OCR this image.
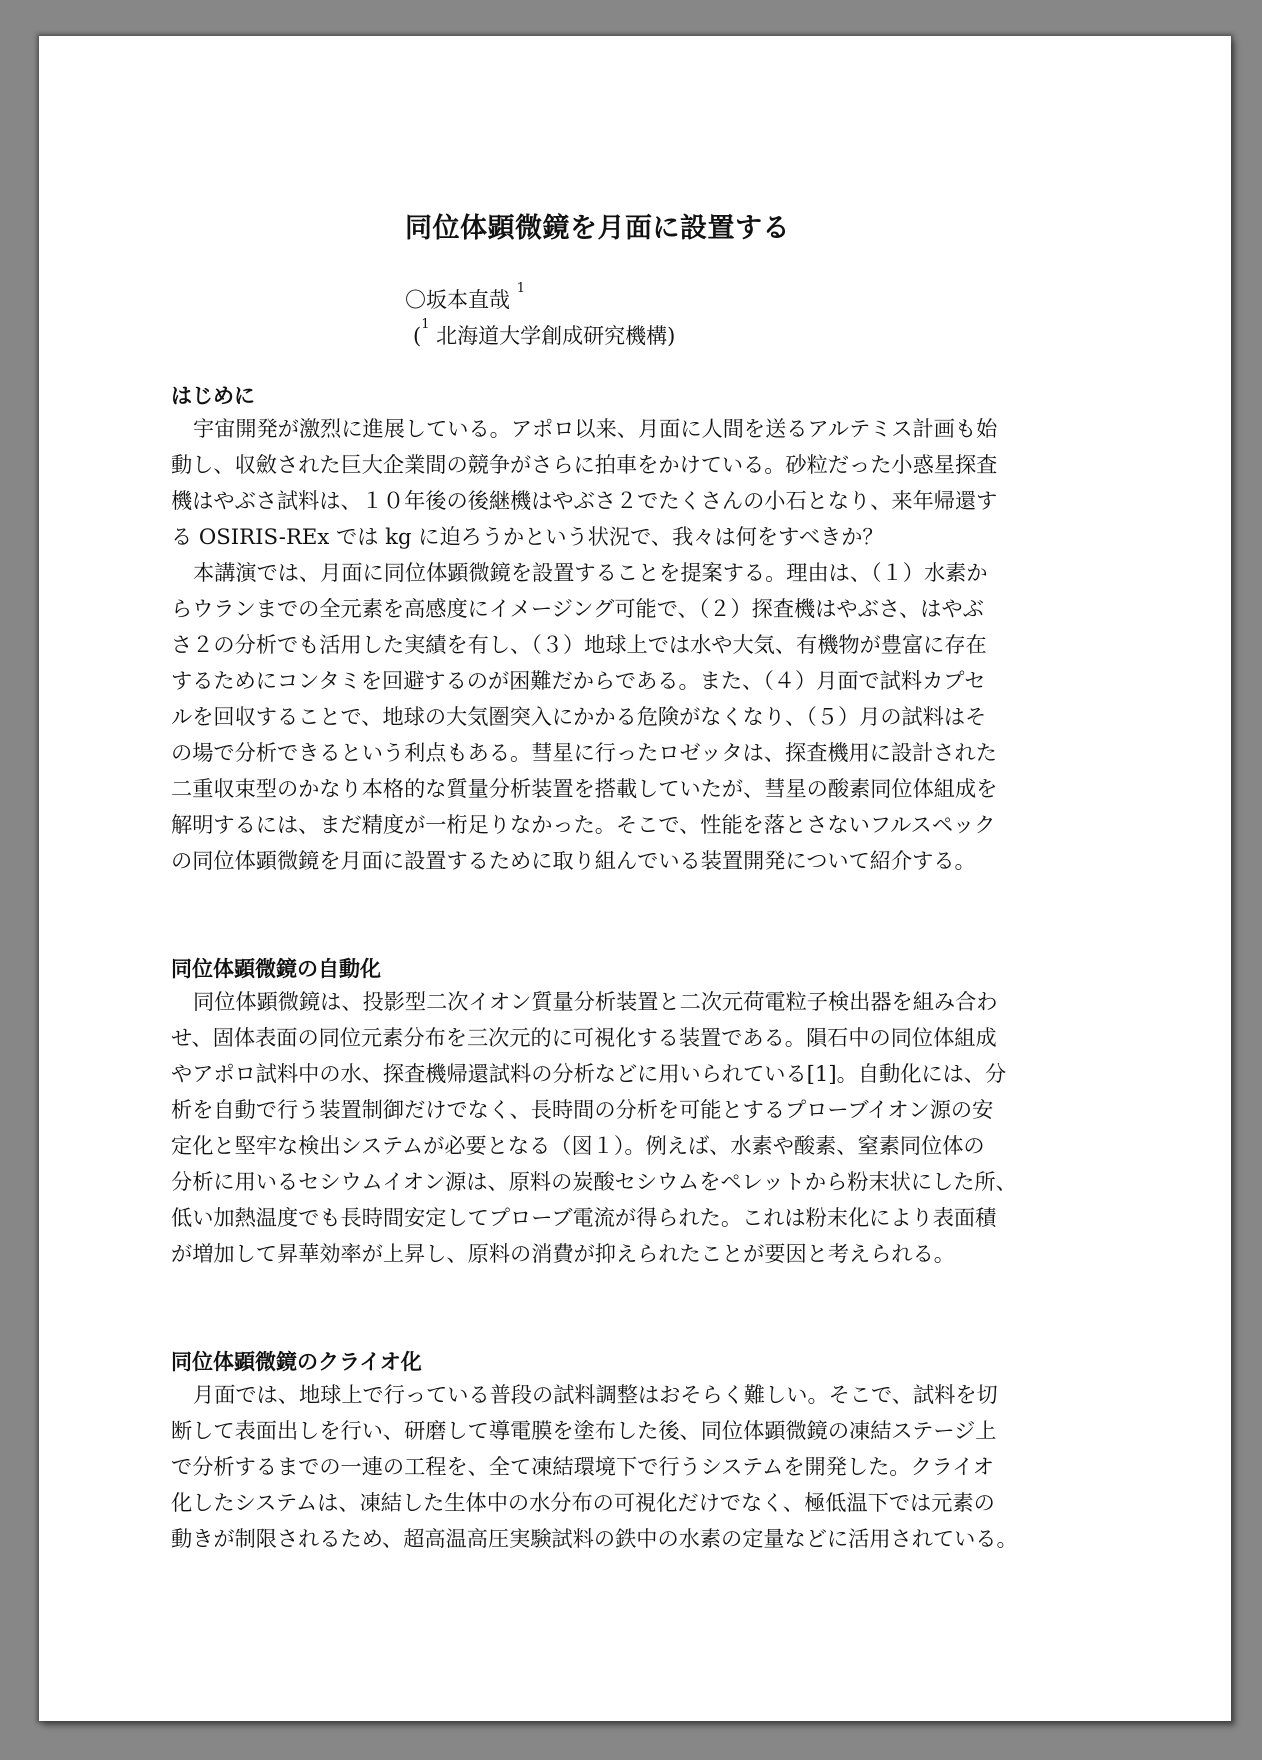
同位体顕微鏡を月面に設置する
〇坂本直哉 $^1$
($^1$ 北海道大学創成研究機構)
はじめに
宇宙開発が激烈に進展している。アポロ以来、月面に人間を送るアルテミス計画も始
動し、収斂された巨大企業間の競争がさらに拍車をかけている。砂粒だった小惑星探査
機はやぶさ試料は、１０年後の後継機はやぶさ２でたくさんの小石となり、来年帰還す
る OSIRIS-REx では kg に迫ろうかという状況で、我々は何をすべきか？
本講演では、月面に同位体顕微鏡を設置することを提案する。理由は、（１）水素か
らウランまでの全元素を高感度にイメージング可能で、（２）探査機はやぶさ、はやぶ
さ２の分析でも活用した実績を有し、（３）地球上では水や大気、有機物が豊富に存在
するためにコンタミを回避するのが困難だからである。また、（４）月面で試料カプセ
ルを回収することで、地球の大気圏突入にかかる危険がなくなり、（５）月の試料はそ
の場で分析できるという利点もある。彗星に行ったロゼッタは、探査機用に設計された
二重収束型のかなり本格的な質量分析装置を搭載していたが、彗星の酸素同位体組成を
解明するには、まだ精度が一桁足りなかった。そこで、性能を落とさないフルスペック
の同位体顕微鏡を月面に設置するために取り組んでいる装置開発について紹介する。
同位体顕微鏡の自動化
同位体顕微鏡は、投影型二次イオン質量分析装置と二次元荷電粒子検出器を組み合わ
せ、固体表面の同位元素分布を三次元的に可視化する装置である。隕石中の同位体組成
やアポロ試料中の水、探査機帰還試料の分析などに用いられている[1]。自動化には、分
析を自動で行う装置制御だけでなく、長時間の分析を可能とするプローブイオン源の安
定化と堅牢な検出システムが必要となる（図１）。例えば、水素や酸素、窒素同位体の
分析に用いるセシウムイオン源は、原料の炭酸セシウムをペレットから粉末状にした所、
低い加熱温度でも長時間安定してプローブ電流が得られた。これは粉末化により表面積
が増加して昇華効率が上昇し、原料の消費が抑えられたことが要因と考えられる。
同位体顕微鏡のクライオ化
月面では、地球上で行っている普段の試料調整はおそらく難しい。そこで、試料を切
断して表面出しを行い、研磨して導電膜を塗布した後、同位体顕微鏡の凍結ステージ上
で分析するまでの一連の工程を、全て凍結環境下で行うシステムを開発した。クライオ
化したシステムは、凍結した生体中の水分布の可視化だけでなく、極低温下では元素の
動きが制限されるため、超高温高圧実験試料の鉄中の水素の定量などに活用されている。
